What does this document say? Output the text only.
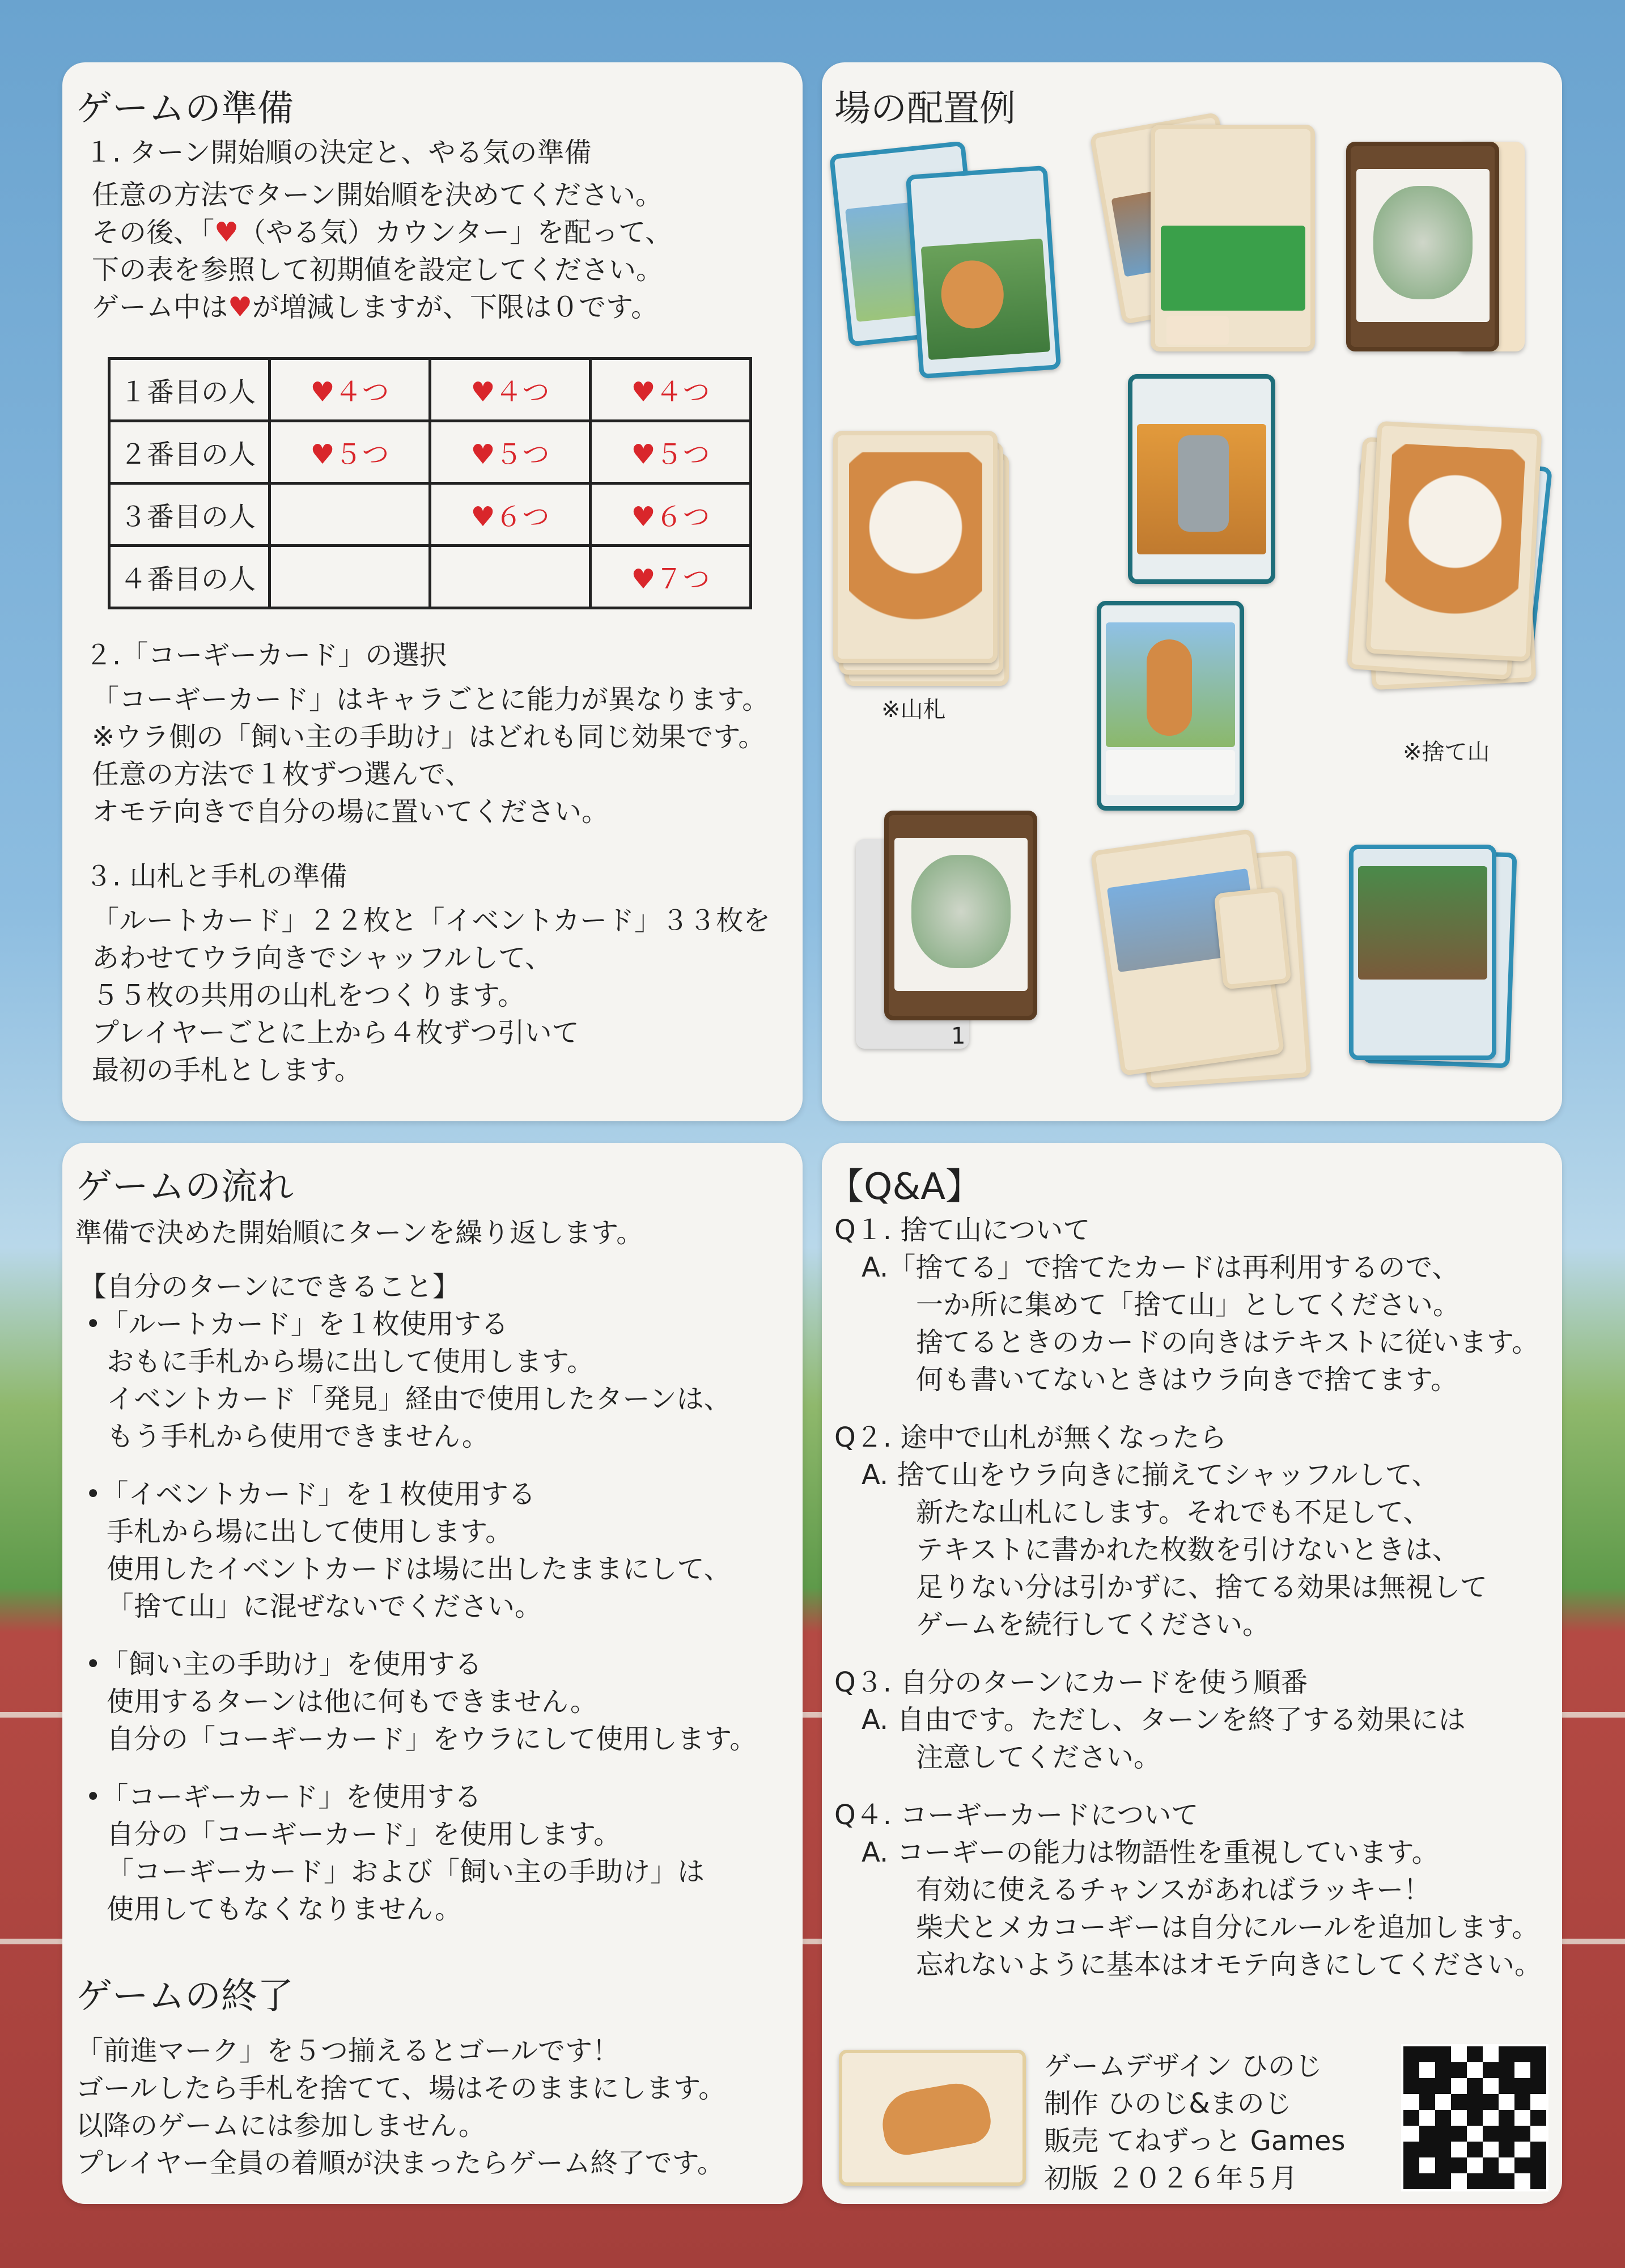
ゲームの準備
１. ターン開始順の決定と、やる気の準備
任意の方法でターン開始順を決めてください。
その後、「♥（やる気）カウンター」を配って、
下の表を参照して初期値を設定してください。
ゲーム中は♥が増減しますが、下限は０です。
１番目の人	♥４つ	♥４つ	♥４つ
２番目の人	♥５つ	♥５つ	♥５つ
３番目の人		♥６つ	♥６つ
４番目の人			♥７つ
２.「コーギーカード」の選択
「コーギーカード」はキャラごとに能力が異なります。
※ウラ側の「飼い主の手助け」はどれも同じ効果です。
任意の方法で１枚ずつ選んで、
オモテ向きで自分の場に置いてください。
３. 山札と手札の準備
「ルートカード」２２枚と「イベントカード」３３枚を
あわせてウラ向きでシャッフルして、
５５枚の共用の山札をつくります。
プレイヤーごとに上から４枚ずつ引いて
最初の手札とします。
場の配置例
※山札
※捨て山
1
ゲームの流れ
準備で決めた開始順にターンを繰り返します。
【自分のターンにできること】
•「ルートカード」を１枚使用する
おもに手札から場に出して使用します。
イベントカード「発見」経由で使用したターンは、
もう手札から使用できません。
•「イベントカード」を１枚使用する
手札から場に出して使用します。
使用したイベントカードは場に出したままにして、
「捨て山」に混ぜないでください。
•「飼い主の手助け」を使用する
使用するターンは他に何もできません。
自分の「コーギーカード」をウラにして使用します。
•「コーギーカード」を使用する
自分の「コーギーカード」を使用します。
「コーギーカード」および「飼い主の手助け」は
使用してもなくなりません。
ゲームの終了
「前進マーク」を５つ揃えるとゴールです！
ゴールしたら手札を捨てて、場はそのままにします。
以降のゲームには参加しません。
プレイヤー全員の着順が決まったらゲーム終了です。
【Q&A】
Q１. 捨て山について
A.「捨てる」で捨てたカードは再利用するので、
一か所に集めて「捨て山」としてください。
捨てるときのカードの向きはテキストに従います。
何も書いてないときはウラ向きで捨てます。
Q２. 途中で山札が無くなったら
A. 捨て山をウラ向きに揃えてシャッフルして、
新たな山札にします。それでも不足して、
テキストに書かれた枚数を引けないときは、
足りない分は引かずに、捨てる効果は無視して
ゲームを続行してください。
Q３. 自分のターンにカードを使う順番
A. 自由です。ただし、ターンを終了する効果には
注意してください。
Q４. コーギーカードについて
A. コーギーの能力は物語性を重視しています。
有効に使えるチャンスがあればラッキー！
柴犬とメカコーギーは自分にルールを追加します。
忘れないように基本はオモテ向きにしてください。
ゲームデザイン ひのじ
制作 ひのじ&まのじ
販売 てねずっと Games
初版 ２０２６年５月
